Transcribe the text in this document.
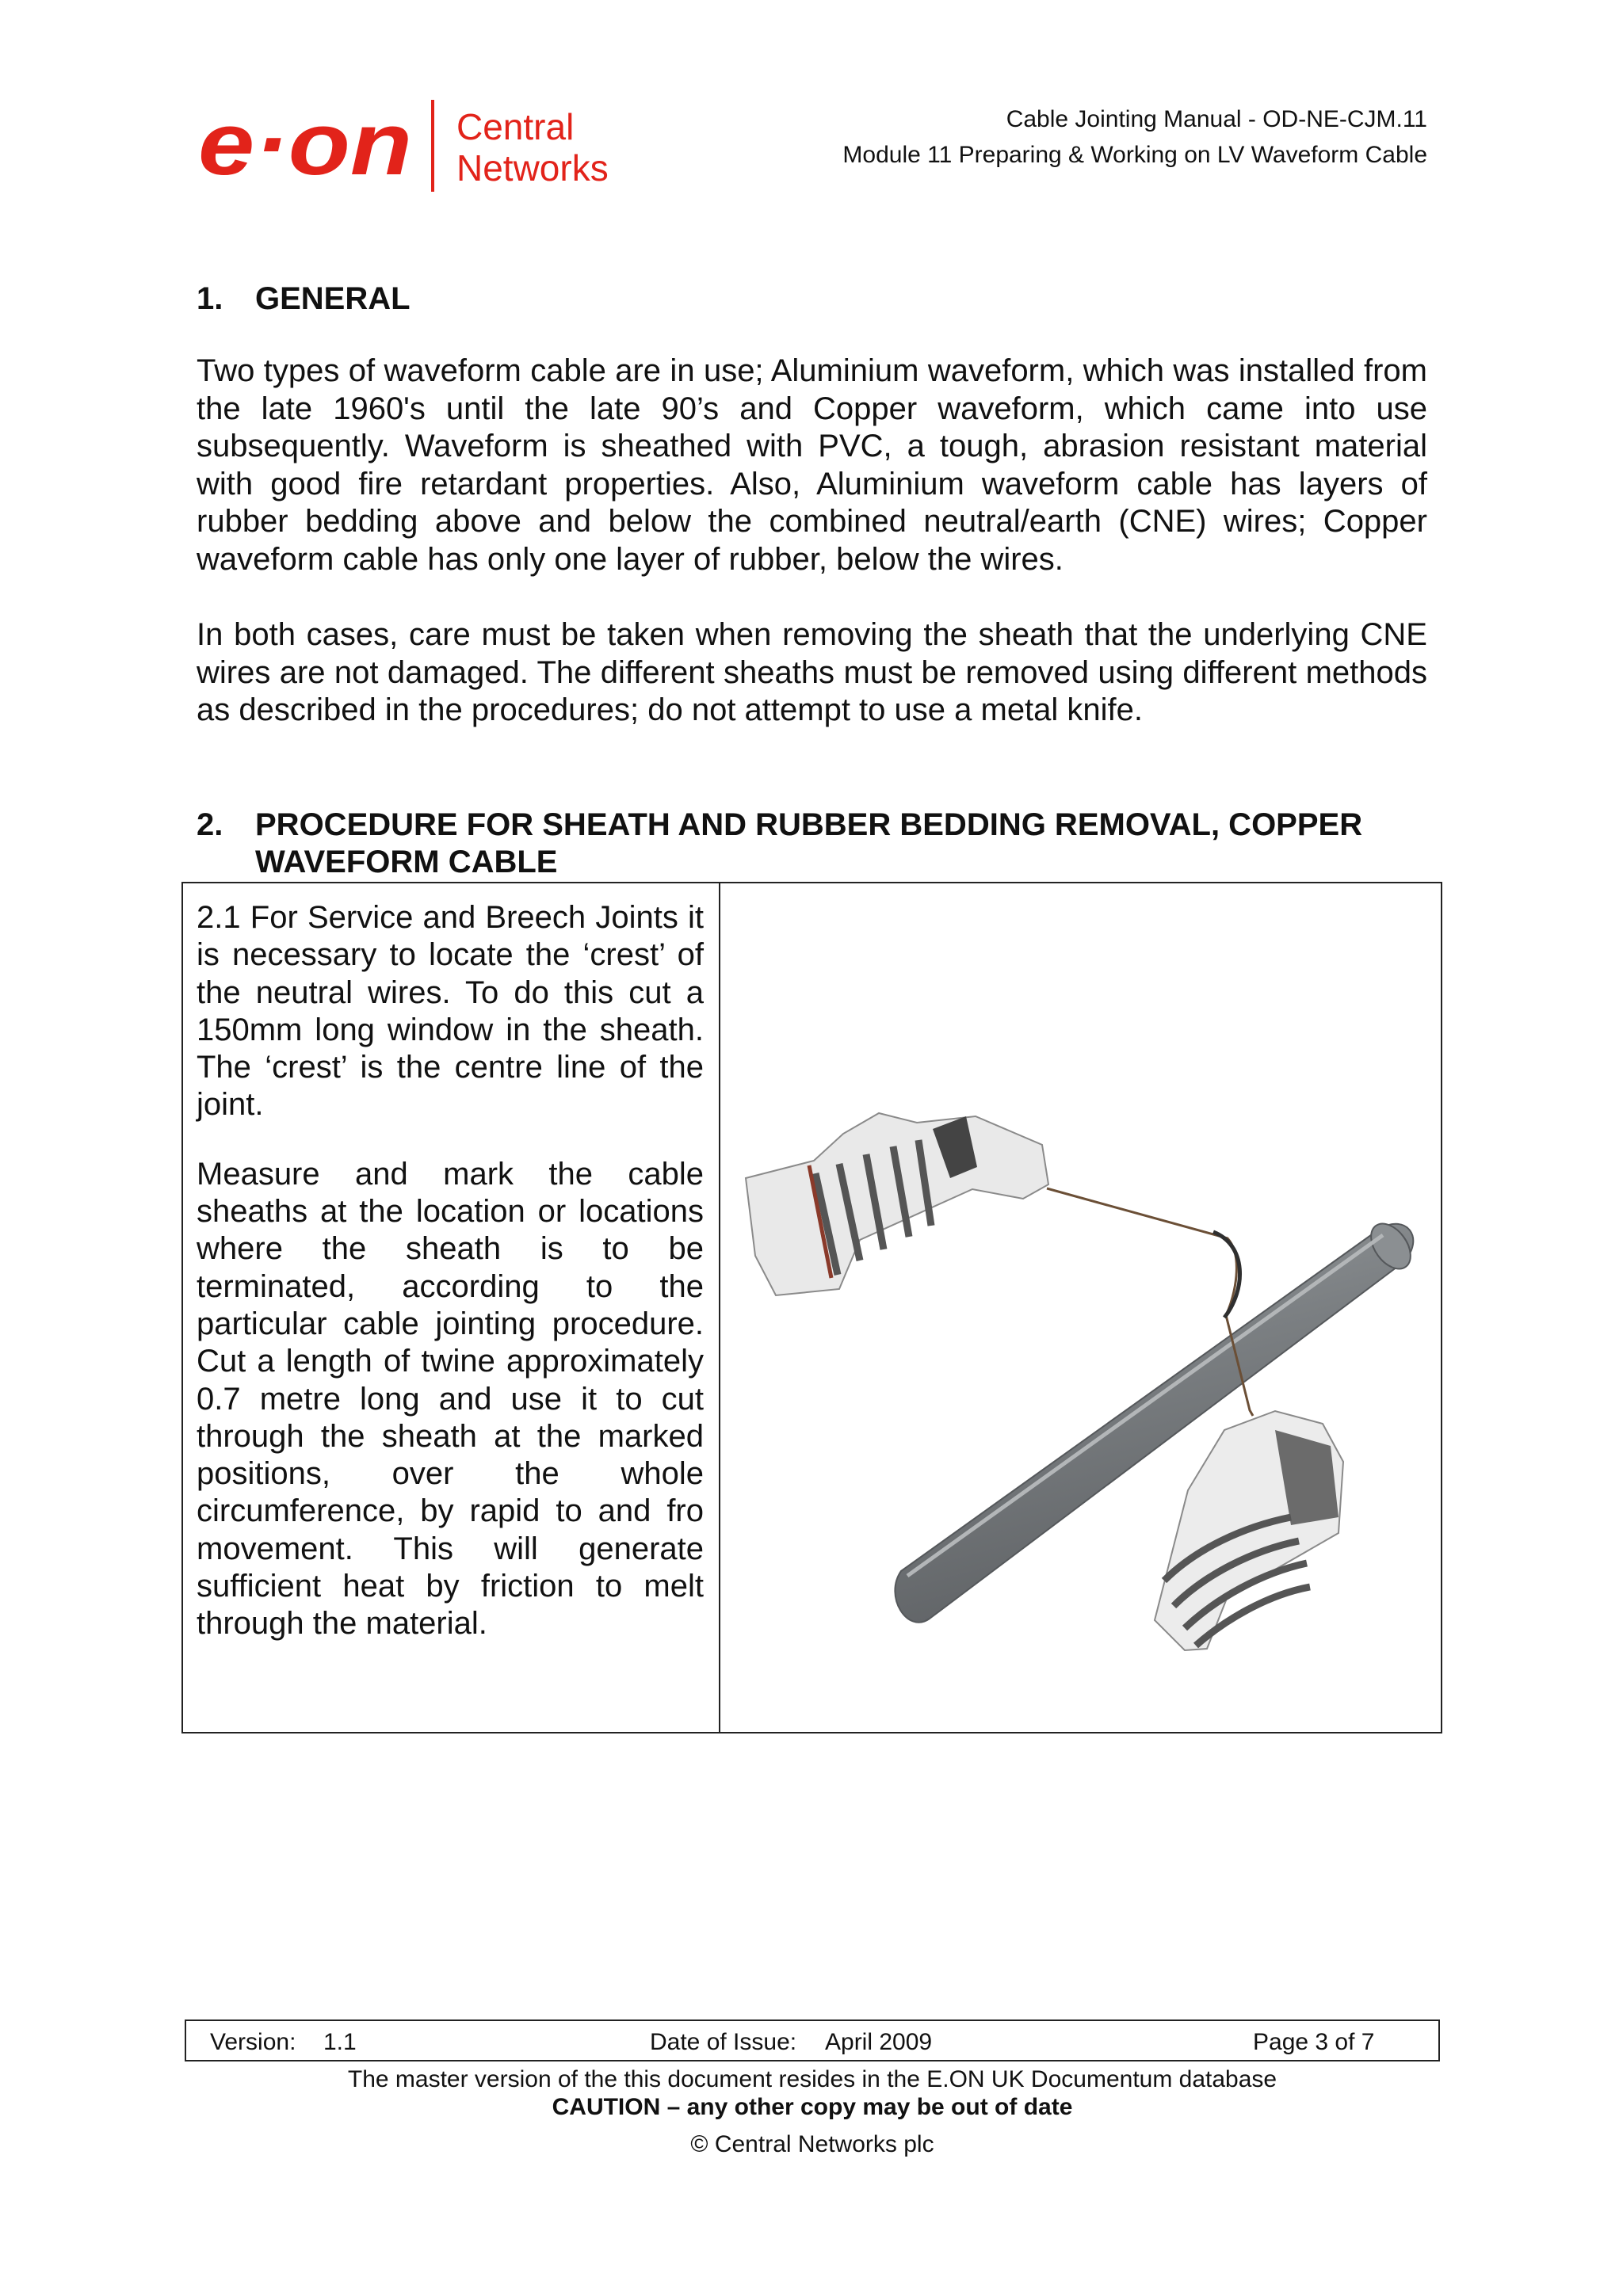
e·on Central
Networks
Cable Jointing Manual - OD-NE-CJM.11
Module 11 Preparing & Working on LV Waveform Cable
1. GENERAL

Two types of waveform cable are in use; Aluminium waveform, which was installed from the late 1960's until the late 90’s and Copper waveform, which came into use subsequently. Waveform is sheathed with PVC, a tough, abrasion resistant material with good fire retardant properties. Also, Aluminium waveform cable has layers of rubber bedding above and below the combined neutral/earth (CNE) wires; Copper waveform cable has only one layer of rubber, below the wires.

In both cases, care must be taken when removing the sheath that the underlying CNE wires are not damaged. The different sheaths must be removed using different methods as described in the procedures; do not attempt to use a metal knife.

2. PROCEDURE FOR SHEATH AND RUBBER BEDDING REMOVAL, COPPER WAVEFORM CABLE

2.1 For Service and Breech Joints it is necessary to locate the ‘crest’ of the neutral wires. To do this cut a 150mm long window in the sheath. The ‘crest’ is the centre line of the joint.

Measure and mark the cable sheaths at the location or locations where the sheath is to be terminated, according to the particular cable jointing procedure. Cut a length of twine approximately 0.7 metre long and use it to cut through the sheath at the marked positions, over the whole circumference, by rapid to and fro movement. This will generate sufficient heat by friction to melt through the material.

Version: 1.1	Date of Issue: April 2009	Page 3 of 7
The master version of the this document resides in the E.ON UK Documentum database
CAUTION – any other copy may be out of date
© Central Networks plc
